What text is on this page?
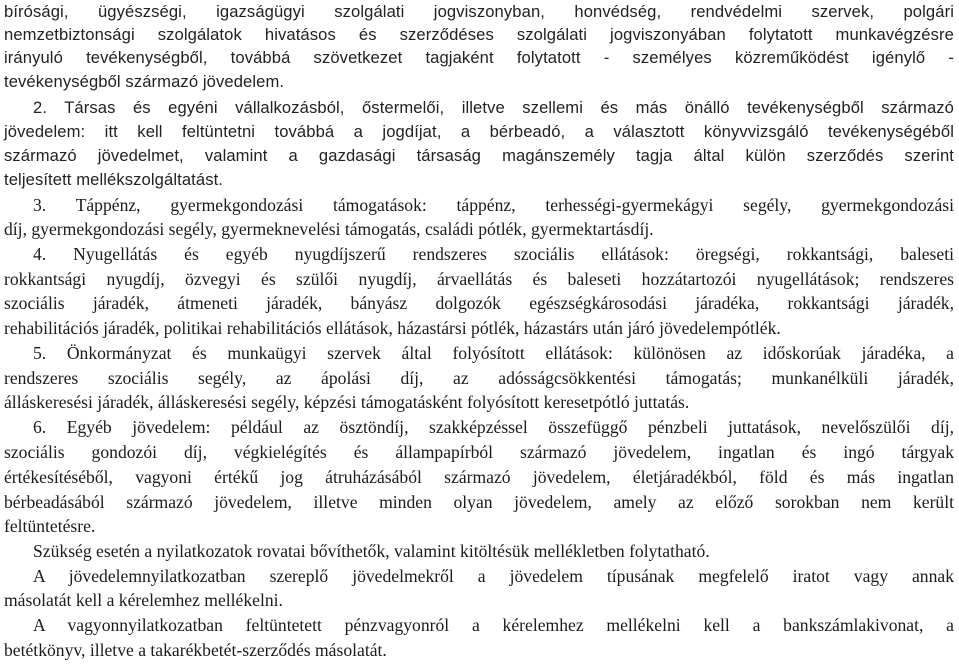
bírósági, ügyészségi, igazságügyi szolgálati jogviszonyban, honvédség, rendvédelmi szervek, polgári

nemzetbiztonsági szolgálatok hivatásos és szerződéses szolgálati jogviszonyában folytatott munkavégzésre

irányuló tevékenységből, továbbá szövetkezet tagjaként folytatott - személyes közreműködést igénylő -

tevékenységből származó jövedelem.

2. Társas és egyéni vállalkozásból, őstermelői, illetve szellemi és más önálló tevékenységből származó

jövedelem: itt kell feltüntetni továbbá a jogdíjat, a bérbeadó, a választott könyvvizsgáló tevékenységéből

származó jövedelmet, valamint a gazdasági társaság magánszemély tagja által külön szerződés szerint

teljesített mellékszolgáltatást.

3. Táppénz, gyermekgondozási támogatások: táppénz, terhességi-gyermekágyi segély, gyermekgondozási

díj, gyermekgondozási segély, gyermeknevelési támogatás, családi pótlék, gyermektartásdíj.

4. Nyugellátás és egyéb nyugdíjszerű rendszeres szociális ellátások: öregségi, rokkantsági, baleseti

rokkantsági nyugdíj, özvegyi és szülői nyugdíj, árvaellátás és baleseti hozzátartozói nyugellátások; rendszeres

szociális járadék, átmeneti járadék, bányász dolgozók egészségkárosodási járadéka, rokkantsági járadék,

rehabilitációs járadék, politikai rehabilitációs ellátások, házastársi pótlék, házastárs után járó jövedelempótlék.

5. Önkormányzat és munkaügyi szervek által folyósított ellátások: különösen az időskorúak járadéka, a

rendszeres szociális segély, az ápolási díj, az adósságcsökkentési támogatás; munkanélküli járadék,

álláskeresési járadék, álláskeresési segély, képzési támogatásként folyósított keresetpótló juttatás.

6. Egyéb jövedelem: például az ösztöndíj, szakképzéssel összefüggő pénzbeli juttatások, nevelőszülői díj,

szociális gondozói díj, végkielégítés és állampapírból származó jövedelem, ingatlan és ingó tárgyak

értékesítéséből, vagyoni értékű jog átruházásából származó jövedelem, életjáradékból, föld és más ingatlan

bérbeadásából származó jövedelem, illetve minden olyan jövedelem, amely az előző sorokban nem került

feltüntetésre.

Szükség esetén a nyilatkozatok rovatai bővíthetők, valamint kitöltésük mellékletben folytatható.

A jövedelemnyilatkozatban szereplő jövedelmekről a jövedelem típusának megfelelő iratot vagy annak

másolatát kell a kérelemhez mellékelni.

A vagyonnyilatkozatban feltüntetett pénzvagyonról a kérelemhez mellékelni kell a bankszámlakivonat, a

betétkönyv, illetve a takarékbetét-szerződés másolatát.
